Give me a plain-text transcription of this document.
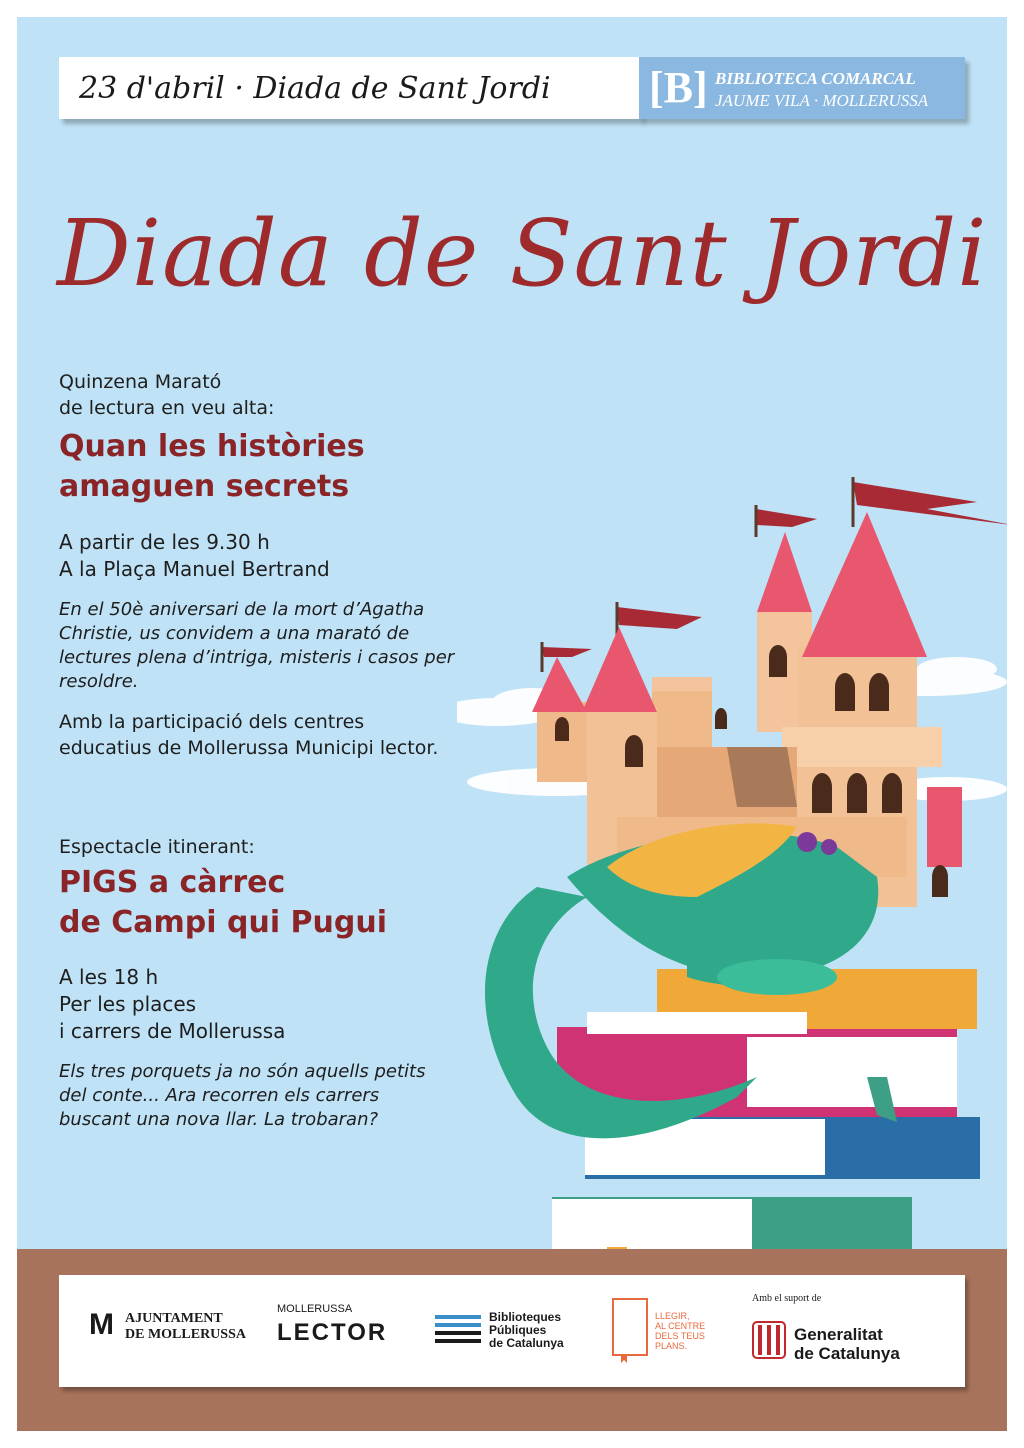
23 d'abril · Diada de Sant Jordi [B] BIBLIOTECA COMARCAL
JAUME VILA · MOLLERUSSA
Diada de Sant Jordi
Quinzena Marató
de lectura en veu alta:
Quan les històries
amaguen secrets
A partir de les 9.30 h
A la Plaça Manuel Bertrand
En el 50è aniversari de la mort d’Agatha Christie, us convidem a una marató de lectures plena d’intriga, misteris i casos per resoldre.
Amb la participació dels centres educatius de Mollerussa Municipi lector.
Espectacle itinerant:
PIGS a càrrec
de Campi qui Pugui
A les 18 h
Per les places
i carrers de Mollerussa
Els tres porquets ja no són aquells petits del conte... Ara recorren els carrers buscant una nova llar. La trobaran?
M AJUNTAMENT
DE MOLLERUSSA
MOLLERUSSA
LECTOR
Biblioteques
Públiques
de Catalunya
LLEGIR,
AL CENTRE
DELS TEUS
PLANS.
Amb el suport de
Generalitat
de Catalunya
